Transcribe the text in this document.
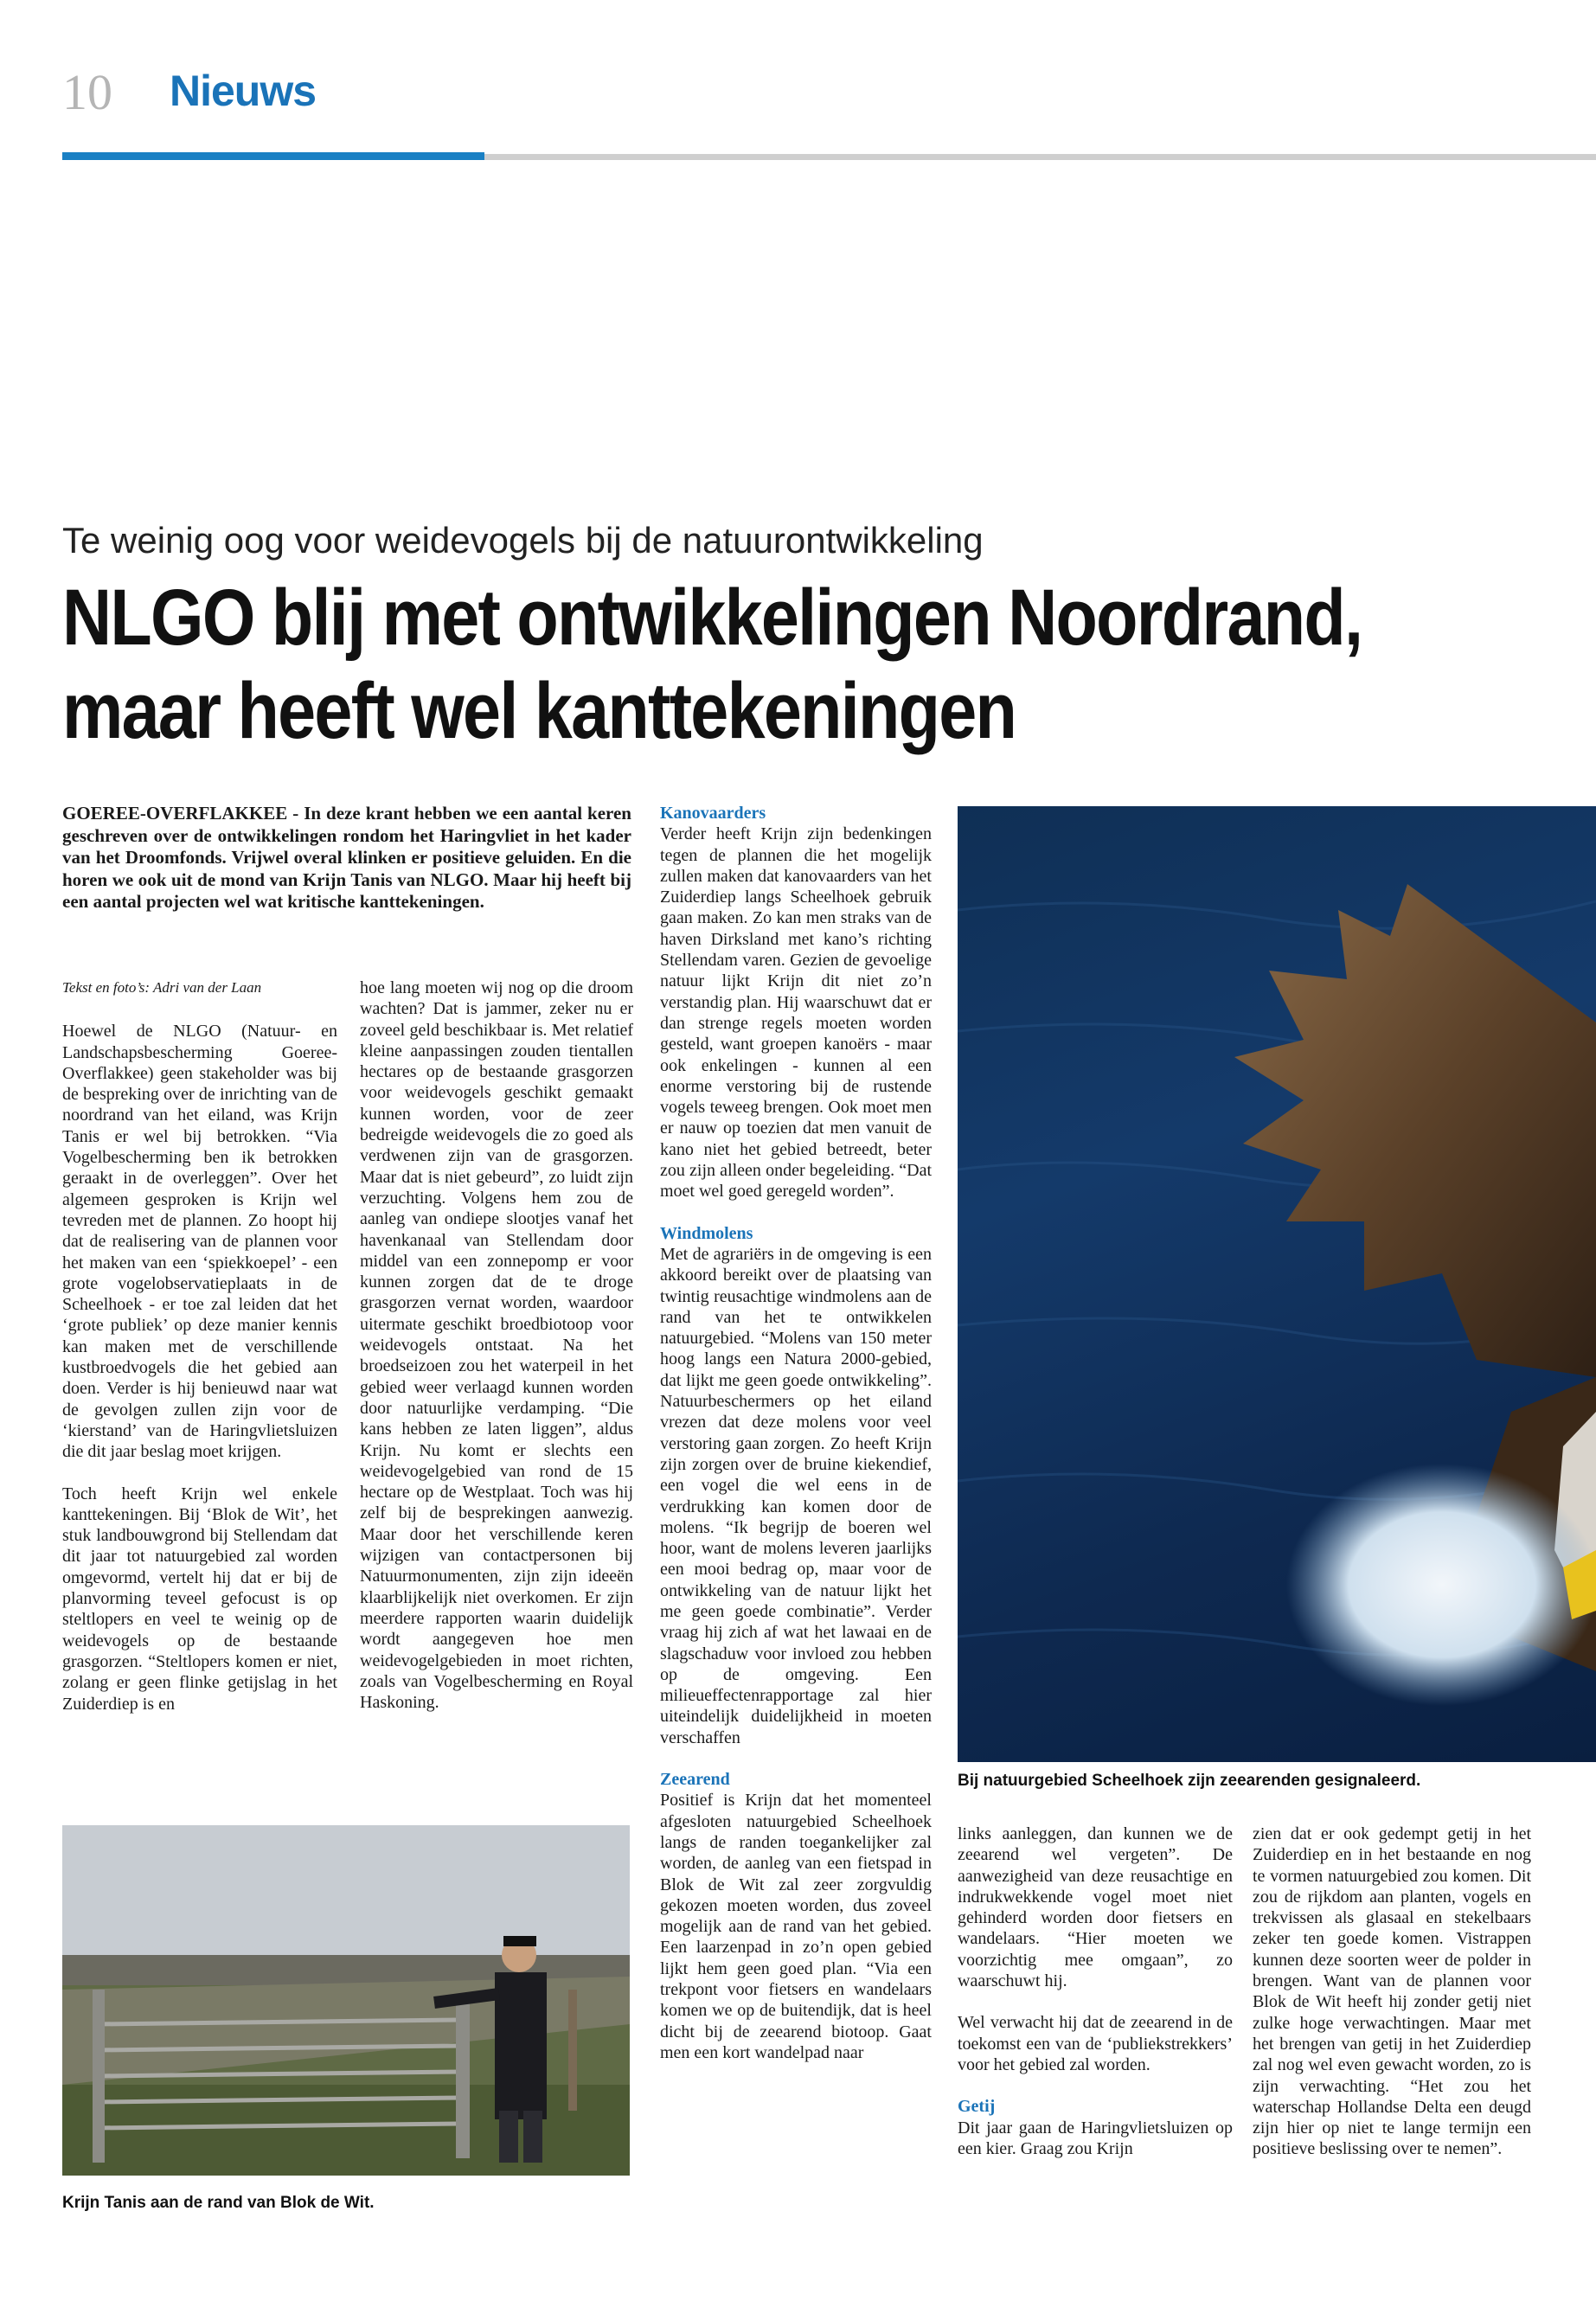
10 Nieuws
Te weinig oog voor weidevogels bij de natuurontwikkeling
NLGO blij met ontwikkelingen Noordrand, maar heeft wel kanttekeningen
GOEREE-OVERFLAKKEE - In deze krant hebben we een aantal keren geschreven over de ontwikkelingen rondom het Haringvliet in het kader van het Droomfonds. Vrijwel overal klinken er positieve geluiden. En die horen we ook uit de mond van Krijn Tanis van NLGO. Maar hij heeft bij een aantal projecten wel wat kritische kanttekeningen.

Tekst en foto’s: Adri van der Laan

Hoewel de NLGO (Natuur- en Landschapsbescherming Goeree-Overflakkee) geen stakeholder was bij de bespreking over de inrichting van de noordrand van het eiland, was Krijn Tanis er wel bij betrokken. “Via Vogelbescherming ben ik betrokken geraakt in de overleggen”. Over het algemeen gesproken is Krijn wel tevreden met de plannen. Zo hoopt hij dat de realisering van de plannen voor het maken van een ‘spiekkoepel’ - een grote vogelobservatieplaats in de Scheelhoek - er toe zal leiden dat het ‘grote publiek’ op deze manier kennis kan maken met de verschillende kustbroedvogels die het gebied aan doen. Verder is hij benieuwd naar wat de gevolgen zullen zijn voor de ‘kierstand’ van de Haringvlietsluizen die dit jaar beslag moet krijgen.

Toch heeft Krijn wel enkele kanttekeningen. Bij ‘Blok de Wit’, het stuk landbouwgrond bij Stellendam dat dit jaar tot natuurgebied zal worden omgevormd, vertelt hij dat er bij de planvorming teveel gefocust is op steltlopers en veel te weinig op de weidevogels op de bestaande grasgorzen. “Steltlopers komen er niet, zolang er geen flinke getijslag in het Zuiderdiep is en

hoe lang moeten wij nog op die droom wachten? Dat is jammer, zeker nu er zoveel geld beschikbaar is. Met relatief kleine aanpassingen zouden tientallen hectares op de bestaande grasgorzen voor weidevogels geschikt gemaakt kunnen worden, voor de zeer bedreigde weidevogels die zo goed als verdwenen zijn van de grasgorzen. Maar dat is niet gebeurd”, zo luidt zijn verzuchting. Volgens hem zou de aanleg van ondiepe slootjes vanaf het havenkanaal van Stellendam door middel van een zonnepomp er voor kunnen zorgen dat de te droge grasgorzen vernat worden, waardoor uitermate geschikt broedbiotoop voor weidevogels ontstaat. Na het broedseizoen zou het waterpeil in het gebied weer verlaagd kunnen worden door natuurlijke verdamping. “Die kans hebben ze laten liggen”, aldus Krijn. Nu komt er slechts een weidevogelgebied van rond de 15 hectare op de Westplaat. Toch was hij zelf bij de besprekingen aanwezig. Maar door het verschillende keren wijzigen van contactpersonen bij Natuurmonumenten, zijn zijn ideeën klaarblijkelijk niet overkomen. Er zijn meerdere rapporten waarin duidelijk wordt aangegeven hoe men weidevogelgebieden in moet richten, zoals van Vogelbescherming en Royal Haskoning.

Kanovaarders

Verder heeft Krijn zijn bedenkingen tegen de plannen die het mogelijk zullen maken dat kanovaarders van het Zuiderdiep langs Scheelhoek gebruik gaan maken. Zo kan men straks van de haven Dirksland met kano’s richting Stellendam varen. Gezien de gevoelige natuur lijkt Krijn dit niet zo’n verstandig plan. Hij waarschuwt dat er dan strenge regels moeten worden gesteld, want groepen kanoërs - maar ook enkelingen - kunnen al een enorme verstoring bij de rustende vogels teweeg brengen. Ook moet men er nauw op toezien dat men vanuit de kano niet het gebied betreedt, beter zou zijn alleen onder begeleiding. “Dat moet wel goed geregeld worden”.

Windmolens

Met de agrariërs in de omgeving is een akkoord bereikt over de plaatsing van twintig reusachtige windmolens aan de rand van het te ontwikkelen natuurgebied. “Molens van 150 meter hoog langs een Natura 2000-gebied, dat lijkt me geen goede ontwikkeling”. Natuurbeschermers op het eiland vrezen dat deze molens voor veel verstoring gaan zorgen. Zo heeft Krijn zijn zorgen over de bruine kiekendief, een vogel die wel eens in de verdrukking kan komen door de molens. “Ik begrijp de boeren wel hoor, want de molens leveren jaarlijks een mooi bedrag op, maar voor de ontwikkeling van de natuur lijkt het me geen goede combinatie”. Verder vraag hij zich af wat het lawaai en de slagschaduw voor invloed zou hebben op de omgeving. Een milieueffectenrapportage zal hier uiteindelijk duidelijkheid in moeten verschaffen

Zeearend

Positief is Krijn dat het momenteel afgesloten natuurgebied Scheelhoek langs de randen toegankelijker zal worden, de aanleg van een fietspad in Blok de Wit zal zeer zorgvuldig gekozen moeten worden, dus zoveel mogelijk aan de rand van het gebied. Een laarzenpad in zo’n open gebied lijkt hem geen goed plan. “Via een trekpont voor fietsers en wandelaars komen we op de buitendijk, dat is heel dicht bij de zeearend biotoop. Gaat men een kort wandelpad naar

Bij natuurgebied Scheelhoek zijn zeearenden gesignaleerd.
Krijn Tanis aan de rand van Blok de Wit.

links aanleggen, dan kunnen we de zeearend wel vergeten”. De aanwezigheid van deze reusachtige en indrukwekkende vogel moet niet gehinderd worden door fietsers en wandelaars. “Hier moeten we voorzichtig mee omgaan”, zo waarschuwt hij.

Wel verwacht hij dat de zeearend in de toekomst een van de ‘publiekstrekkers’ voor het gebied zal worden.

Getij

Dit jaar gaan de Haringvlietsluizen op een kier. Graag zou Krijn

zien dat er ook gedempt getij in het Zuiderdiep en in het bestaande en nog te vormen natuurgebied zou komen. Dit zou de rijkdom aan planten, vogels en trekvissen als glasaal en stekelbaars zeker ten goede komen. Vistrappen kunnen deze soorten weer de polder in brengen. Want van de plannen voor Blok de Wit heeft hij zonder getij niet zulke hoge verwachtingen. Maar met het brengen van getij in het Zuiderdiep zal nog wel even gewacht worden, zo is zijn verwachting. “Het zou het waterschap Hollandse Delta een deugd zijn hier op niet te lange termijn een positieve beslissing over te nemen”.
